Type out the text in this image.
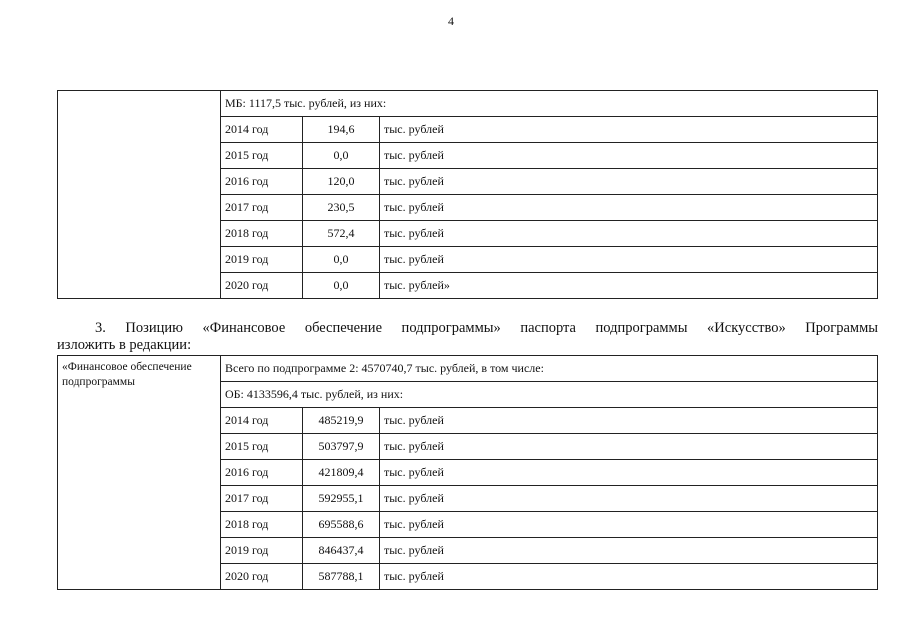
4
	МБ: 1117,5 тыс. рублей, из них:		
	2014 год	194,6	тыс. рублей
	2015 год	0,0	тыс. рублей
	2016 год	120,0	тыс. рублей
	2017 год	230,5	тыс. рублей
	2018 год	572,4	тыс. рублей
	2019 год	0,0	тыс. рублей
	2020 год	0,0	тыс. рублей»
3. Позицию «Финансовое обеспечение подпрограммы» паспорта подпрограммы «Искусство» Программы
изложить в редакции:
«Финансовое обеспечение подпрограммы	Всего по подпрограмме 2: 4570740,7 тыс. рублей, в том числе:		
	ОБ: 4133596,4 тыс. рублей, из них:		
	2014 год	485219,9	тыс. рублей
	2015 год	503797,9	тыс. рублей
	2016 год	421809,4	тыс. рублей
	2017 год	592955,1	тыс. рублей
	2018 год	695588,6	тыс. рублей
	2019 год	846437,4	тыс. рублей
	2020 год	587788,1	тыс. рублей
